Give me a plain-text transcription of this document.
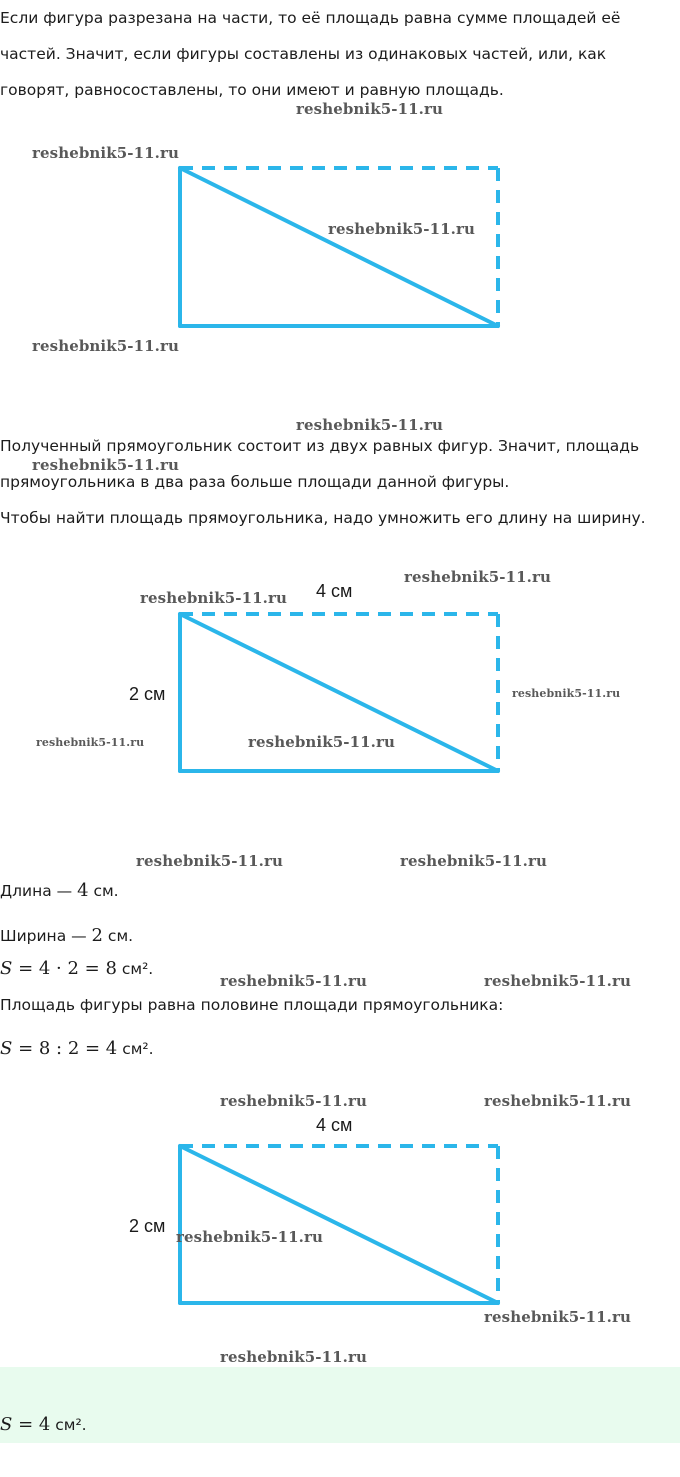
Если фигура разрезана на части, то её площадь равна сумме площадей её

частей. Значит, если фигуры составлены из одинаковых частей, или, как

говорят, равносоставлены, то они имеют и равную площадь.

Полученный прямоугольник состоит из двух равных фигур. Значит, площадь

прямоугольника в два раза больше площади данной фигуры.

Чтобы найти площадь прямоугольника, надо умножить его длину на ширину.

4 см
2 см

Длина — 4 см.

Ширина — 2 см.

S = 4 · 2 = 8 см².

Площадь фигуры равна половине площади прямоугольника:

S = 8 : 2 = 4 см².

4 см
2 см

S = 4 см².

reshebnik5-11.ru
reshebnik5-11.ru
reshebnik5-11.ru
reshebnik5-11.ru
reshebnik5-11.ru
reshebnik5-11.ru
reshebnik5-11.ru
reshebnik5-11.ru
reshebnik5-11.ru
reshebnik5-11.ru	reshebnik5-11.ru
reshebnik5-11.ru	reshebnik5-11.ru
reshebnik5-11.ru	reshebnik5-11.ru
reshebnik5-11.ru	reshebnik5-11.ru
reshebnik5-11.ru
reshebnik5-11.ru
reshebnik5-11.ru
